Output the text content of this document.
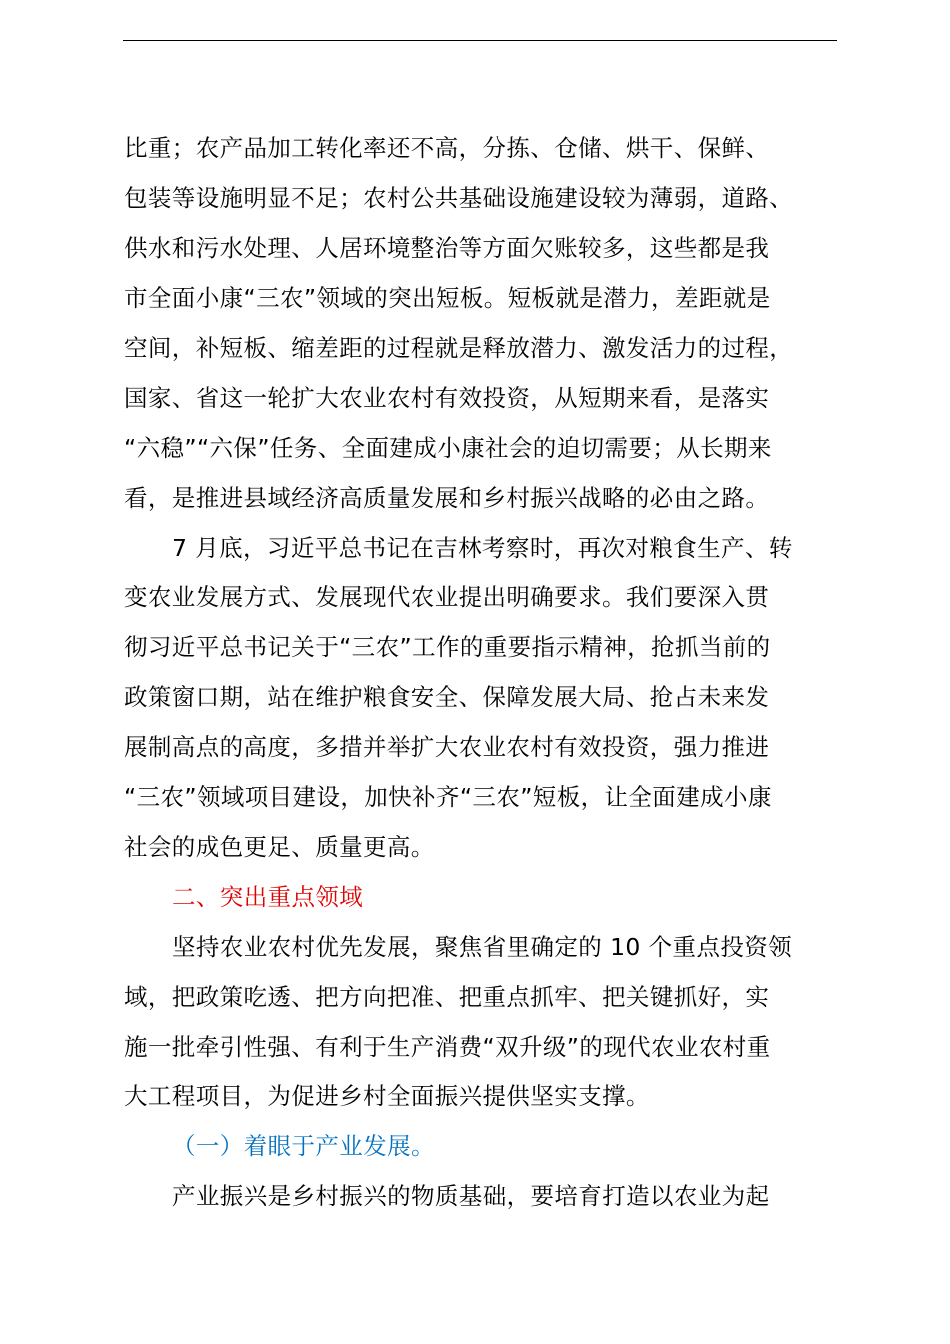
比重；农产品加工转化率还不高，分拣、仓储、烘干、保鲜、
包装等设施明显不足；农村公共基础设施建设较为薄弱，道路、
供水和污水处理、人居环境整治等方面欠账较多，这些都是我
市全面小康“三农”领域的突出短板。短板就是潜力，差距就是
空间，补短板、缩差距的过程就是释放潜力、激发活力的过程，
国家、省这一轮扩大农业农村有效投资，从短期来看，是落实
“六稳”“六保”任务、全面建成小康社会的迫切需要；从长期来
看，是推进县域经济高质量发展和乡村振兴战略的必由之路。
7 月底，习近平总书记在吉林考察时，再次对粮食生产、转
变农业发展方式、发展现代农业提出明确要求。我们要深入贯
彻习近平总书记关于“三农”工作的重要指示精神，抢抓当前的
政策窗口期，站在维护粮食安全、保障发展大局、抢占未来发
展制高点的高度，多措并举扩大农业农村有效投资，强力推进
“三农”领域项目建设，加快补齐“三农”短板，让全面建成小康
社会的成色更足、质量更高。
二、突出重点领域
坚持农业农村优先发展，聚焦省里确定的 10 个重点投资领
域，把政策吃透、把方向把准、把重点抓牢、把关键抓好，实
施一批牵引性强、有利于生产消费“双升级”的现代农业农村重
大工程项目，为促进乡村全面振兴提供坚实支撑。
（一）着眼于产业发展。
产业振兴是乡村振兴的物质基础，要培育打造以农业为起
